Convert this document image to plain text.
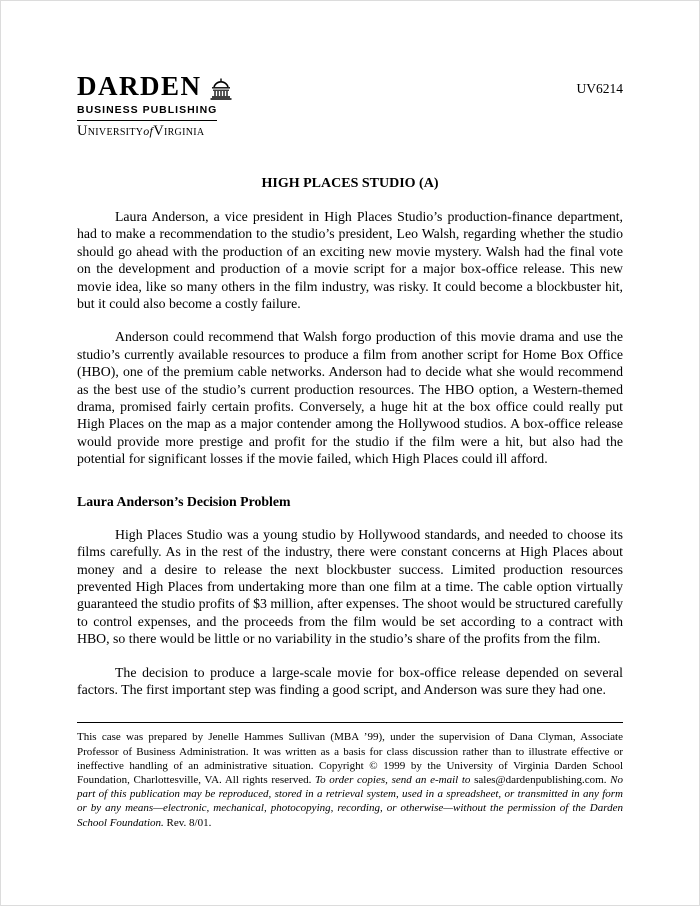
DARDEN
BUSINESS PUBLISHING
UniversityofVirginia
UV6214
HIGH PLACES STUDIO (A)

Laura Anderson, a vice president in High Places Studio’s production-finance department, had to make a recommendation to the studio’s president, Leo Walsh, regarding whether the studio should go ahead with the production of an exciting new movie mystery. Walsh had the final vote on the development and production of a movie script for a major box-office release. This new movie idea, like so many others in the film industry, was risky. It could become a blockbuster hit, but it could also become a costly failure.

Anderson could recommend that Walsh forgo production of this movie drama and use the studio’s currently available resources to produce a film from another script for Home Box Office (HBO), one of the premium cable networks. Anderson had to decide what she would recommend as the best use of the studio’s current production resources. The HBO option, a Western-themed drama, promised fairly certain profits. Conversely, a huge hit at the box office could really put High Places on the map as a major contender among the Hollywood studios. A box-office release would provide more prestige and profit for the studio if the film were a hit, but also had the potential for significant losses if the movie failed, which High Places could ill afford.

Laura Anderson’s Decision Problem

High Places Studio was a young studio by Hollywood standards, and needed to choose its films carefully. As in the rest of the industry, there were constant concerns at High Places about money and a desire to release the next blockbuster success. Limited production resources prevented High Places from undertaking more than one film at a time. The cable option virtually guaranteed the studio profits of $3 million, after expenses. The shoot would be structured carefully to control expenses, and the proceeds from the film would be set according to a contract with HBO, so there would be little or no variability in the studio’s share of the profits from the film.

The decision to produce a large-scale movie for box-office release depended on several factors. The first important step was finding a good script, and Anderson was sure they had one.

This case was prepared by Jenelle Hammes Sullivan (MBA ’99), under the supervision of Dana Clyman, Associate Professor of Business Administration. It was written as a basis for class discussion rather than to illustrate effective or ineffective handling of an administrative situation. Copyright © 1999 by the University of Virginia Darden School Foundation, Charlottesville, VA. All rights reserved. To order copies, send an e-mail to sales@dardenpublishing.com. No part of this publication may be reproduced, stored in a retrieval system, used in a spreadsheet, or transmitted in any form or by any means—electronic, mechanical, photocopying, recording, or otherwise—without the permission of the Darden School Foundation. Rev. 8/01.
